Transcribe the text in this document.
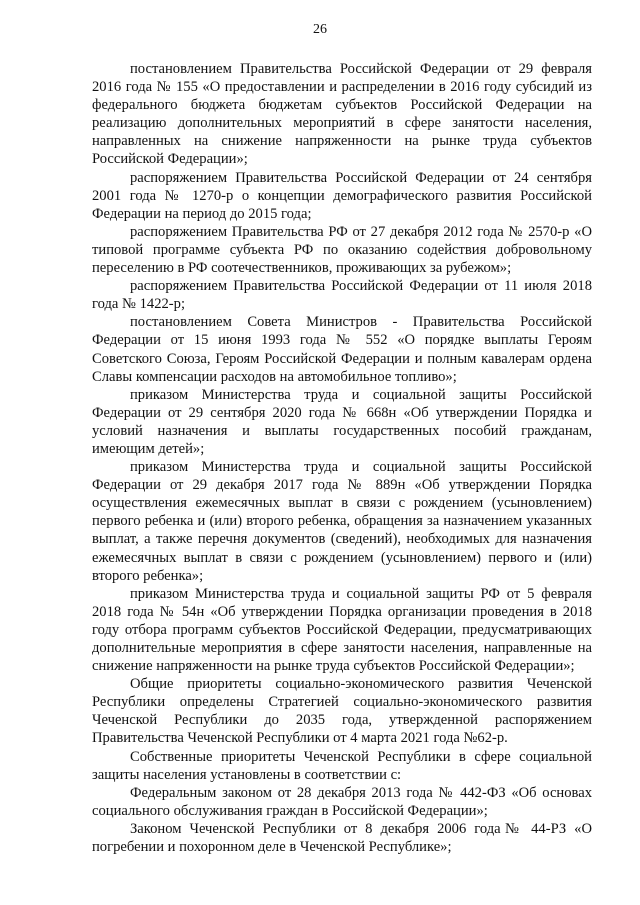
26

постановлением Правительства Российской Федерации от 29 февраля 2016 года № 155 «О предоставлении и распределении в 2016 году субсидий из федерального бюджета бюджетам субъектов Российской Федерации на реализацию дополнительных мероприятий в сфере занятости населения, направленных на снижение напряженности на рынке труда субъектов Российской Федерации»;

распоряжением Правительства Российской Федерации от 24 сентября 2001 года № 1270-р о концепции демографического развития Российской Федерации на период до 2015 года;

распоряжением Правительства РФ от 27 декабря 2012 года № 2570-р «О типовой программе субъекта РФ по оказанию содействия добровольному переселению в РФ соотечественников, проживающих за рубежом»;

распоряжением Правительства Российской Федерации от 11 июля 2018 года № 1422-р;

постановлением Совета Министров - Правительства Российской Федерации от 15 июня 1993 года № 552 «О порядке выплаты Героям Советского Союза, Героям Российской Федерации и полным кавалерам ордена Славы компенсации расходов на автомобильное топливо»;

приказом Министерства труда и социальной защиты Российской Федерации от 29 сентября 2020 года № 668н «Об утверждении Порядка и условий назначения и выплаты государственных пособий гражданам, имеющим детей»;

приказом Министерства труда и социальной защиты Российской Федерации от 29 декабря 2017 года № 889н «Об утверждении Порядка осуществления ежемесячных выплат в связи с рождением (усыновлением) первого ребенка и (или) второго ребенка, обращения за назначением указанных выплат, а также перечня документов (сведений), необходимых для назначения ежемесячных выплат в связи с рождением (усыновлением) первого и (или) второго ребенка»;

приказом Министерства труда и социальной защиты РФ от 5 февраля 2018 года № 54н «Об утверждении Порядка организации проведения в 2018 году отбора программ субъектов Российской Федерации, предусматривающих дополнительные мероприятия в сфере занятости населения, направленные на снижение напряженности на рынке труда субъектов Российской Федерации»;

Общие приоритеты социально-экономического развития Чеченской Республики определены Стратегией социально-экономического развития Чеченской Республики до 2035 года, утвержденной распоряжением Правительства Чеченской Республики от 4 марта 2021 года №62-р.

Собственные приоритеты Чеченской Республики в сфере социальной защиты населения установлены в соответствии с:

Федеральным законом от 28 декабря 2013 года № 442-ФЗ «Об основах социального обслуживания граждан в Российской Федерации»;

Законом Чеченской Республики от 8 декабря 2006 года№ 44-РЗ «О погребении и похоронном деле в Чеченской Республике»;
